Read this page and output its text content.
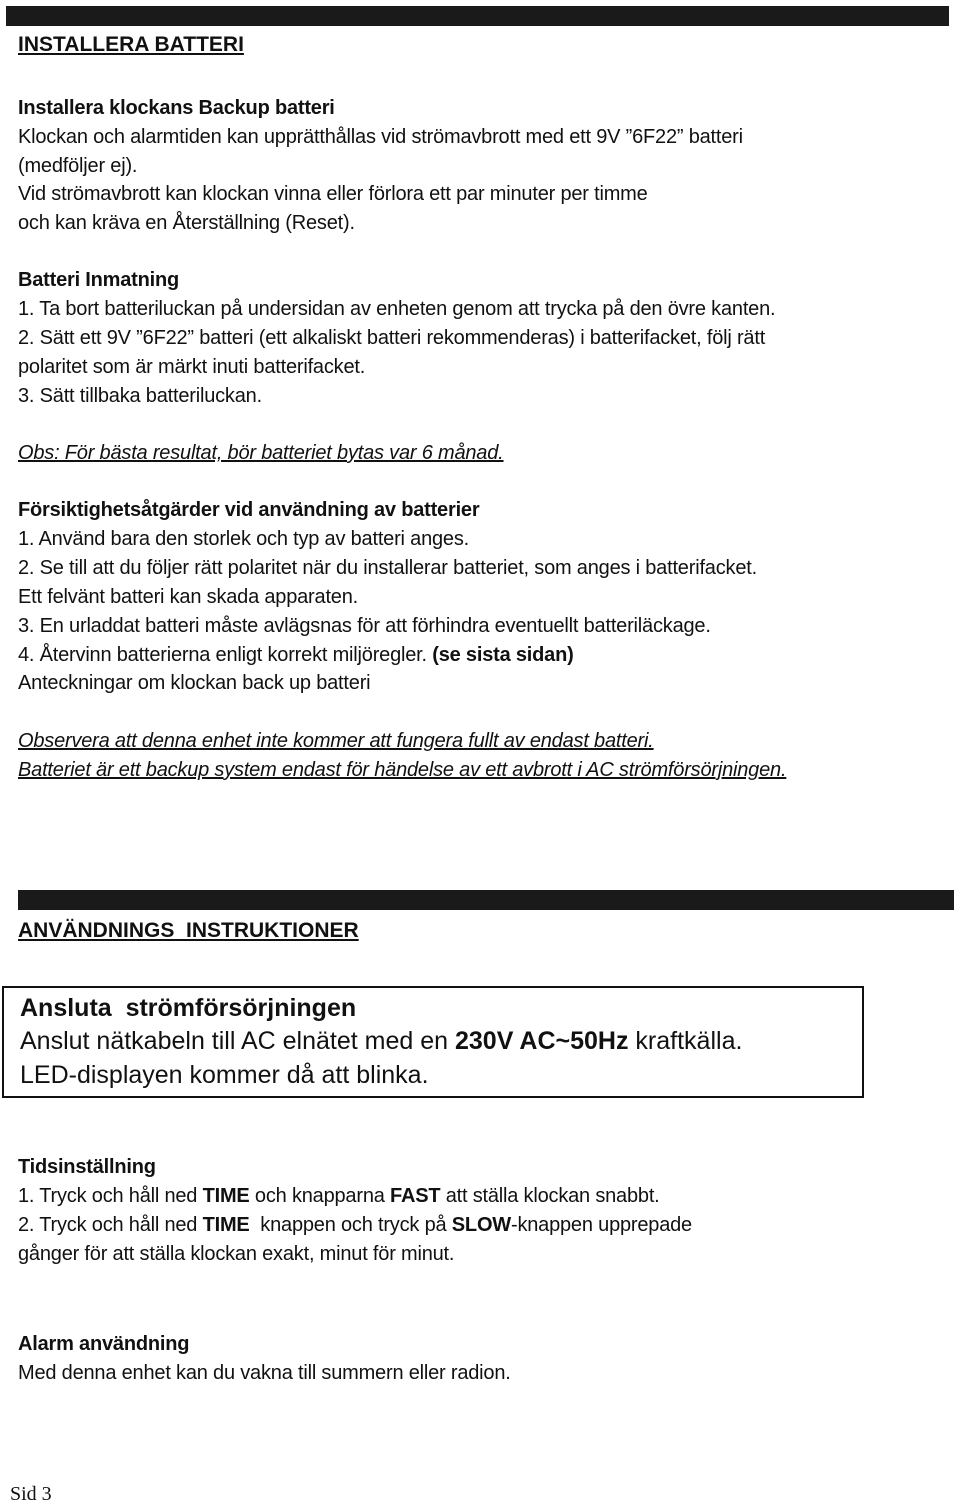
INSTALLERA BATTERI
Installera klockans Backup batteri
Klockan och alarmtiden kan upprätthållas vid strömavbrott med ett 9V ”6F22” batteri
(medföljer ej).
Vid strömavbrott kan klockan vinna eller förlora ett par minuter per timme
och kan kräva en Återställning (Reset).
Batteri Inmatning
1. Ta bort batteriluckan på undersidan av enheten genom att trycka på den övre kanten.
2. Sätt ett 9V ”6F22” batteri (ett alkaliskt batteri rekommenderas) i batterifacket, följ rätt
polaritet som är märkt inuti batterifacket.
3. Sätt tillbaka batteriluckan.
Obs: För bästa resultat, bör batteriet bytas var 6 månad.
Försiktighetsåtgärder vid användning av batterier
1. Använd bara den storlek och typ av batteri anges.
2. Se till att du följer rätt polaritet när du installerar batteriet, som anges i batterifacket.
Ett felvänt batteri kan skada apparaten.
3. En urladdat batteri måste avlägsnas för att förhindra eventuellt batteriläckage.
4. Återvinn batterierna enligt korrekt miljöregler. (se sista sidan)
Anteckningar om klockan back up batteri
Observera att denna enhet inte kommer att fungera fullt av endast batteri.
Batteriet är ett backup system endast för händelse av ett avbrott i AC strömförsörjningen.
ANVÄNDNINGS  INSTRUKTIONER
Ansluta  strömförsörjningen
Anslut nätkabeln till AC elnätet med en 230V AC~50Hz kraftkälla.
LED-displayen kommer då att blinka.
Tidsinställning
1. Tryck och håll ned TIME och knapparna FAST att ställa klockan snabbt.
2. Tryck och håll ned TIME  knappen och tryck på SLOW-knappen upprepade
gånger för att ställa klockan exakt, minut för minut.
Alarm användning
Med denna enhet kan du vakna till summern eller radion.
Sid 3
